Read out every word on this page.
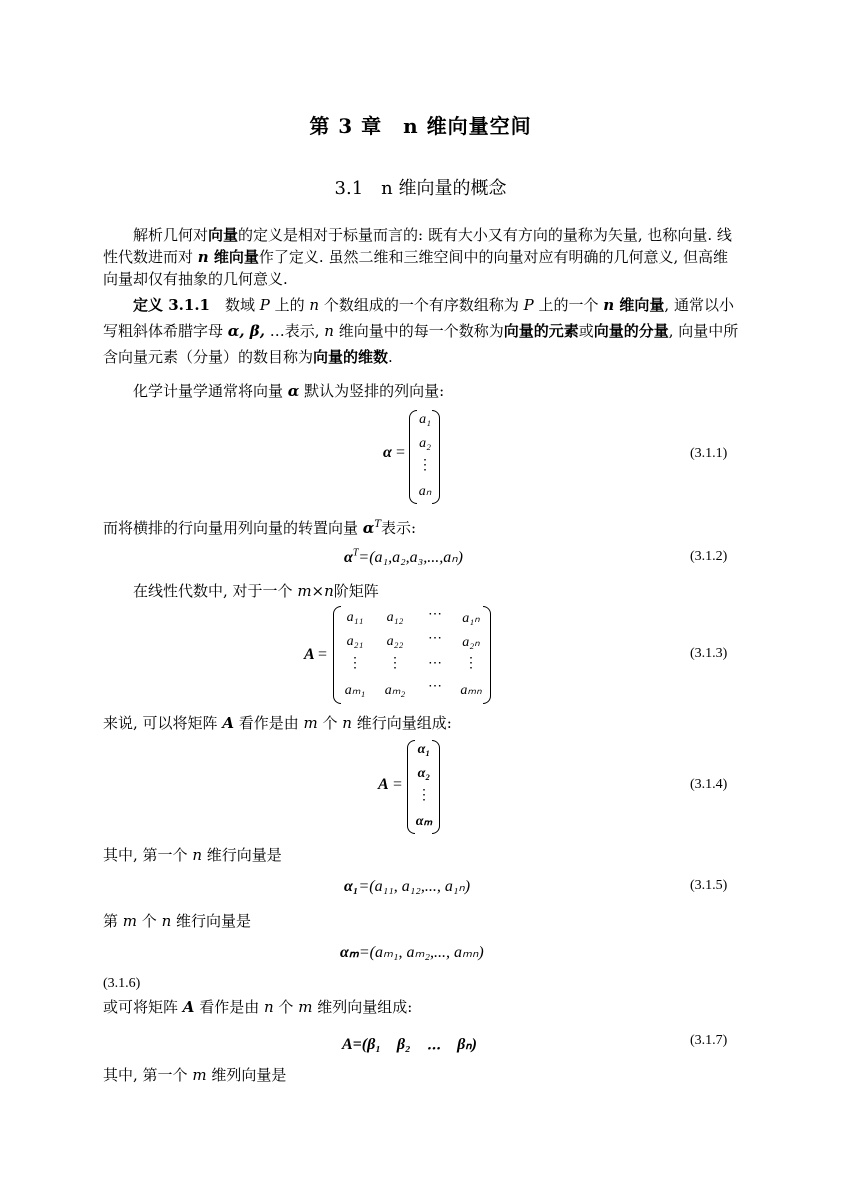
第 3 章　n 维向量空间
3.1　n 维向量的概念
解析几何对向量的定义是相对于标量而言的: 既有大小又有方向的量称为矢量, 也称向量. 线性代数进而对 n 维向量作了定义. 虽然二维和三维空间中的向量对应有明确的几何意义, 但高维向量却仅有抽象的几何意义.
定义 3.1.1　数域 P 上的 n 个数组成的一个有序数组称为 P 上的一个 n 维向量, 通常以小写粗斜体希腊字母 α, β, …表示, n 维向量中的每一个数称为向量的元素或向量的分量, 向量中所含向量元素（分量）的数目称为向量的维数.
化学计量学通常将向量 α 默认为竖排的列向量:
α =
a₁
a₂
⋮
aₙ
(3.1.1)
而将横排的行向量用列向量的转置向量 $\alpha^T$表示:
$\alpha^T=(a_1,a_2,a_3,...,a_n)$	(3.1.2)
在线性代数中, 对于一个 m×n阶矩阵
A =
a₁₁	a₁₂	⋯	a₁ₙ
a₂₁	a₂₂	⋯	a₂ₙ
⋮	⋮	⋯	⋮
aₘ₁	aₘ₂	⋯	aₘₙ
(3.1.3)
来说, 可以将矩阵 A 看作是由 m 个 n 维行向量组成:
A =
α₁
α₂
⋮
αₘ
(3.1.4)
其中, 第一个 n 维行向量是
α₁=(a₁₁, a₁₂,..., a₁ₙ)	(3.1.5)
第 m 个 n 维行向量是
αₘ=(aₘ₁, aₘ₂,..., aₘₙ)
(3.1.6)
或可将矩阵 A 看作是由 n 个 m 维列向量组成:
A=(β₁　β₂　⋯　βₙ)	(3.1.7)
其中, 第一个 m 维列向量是
